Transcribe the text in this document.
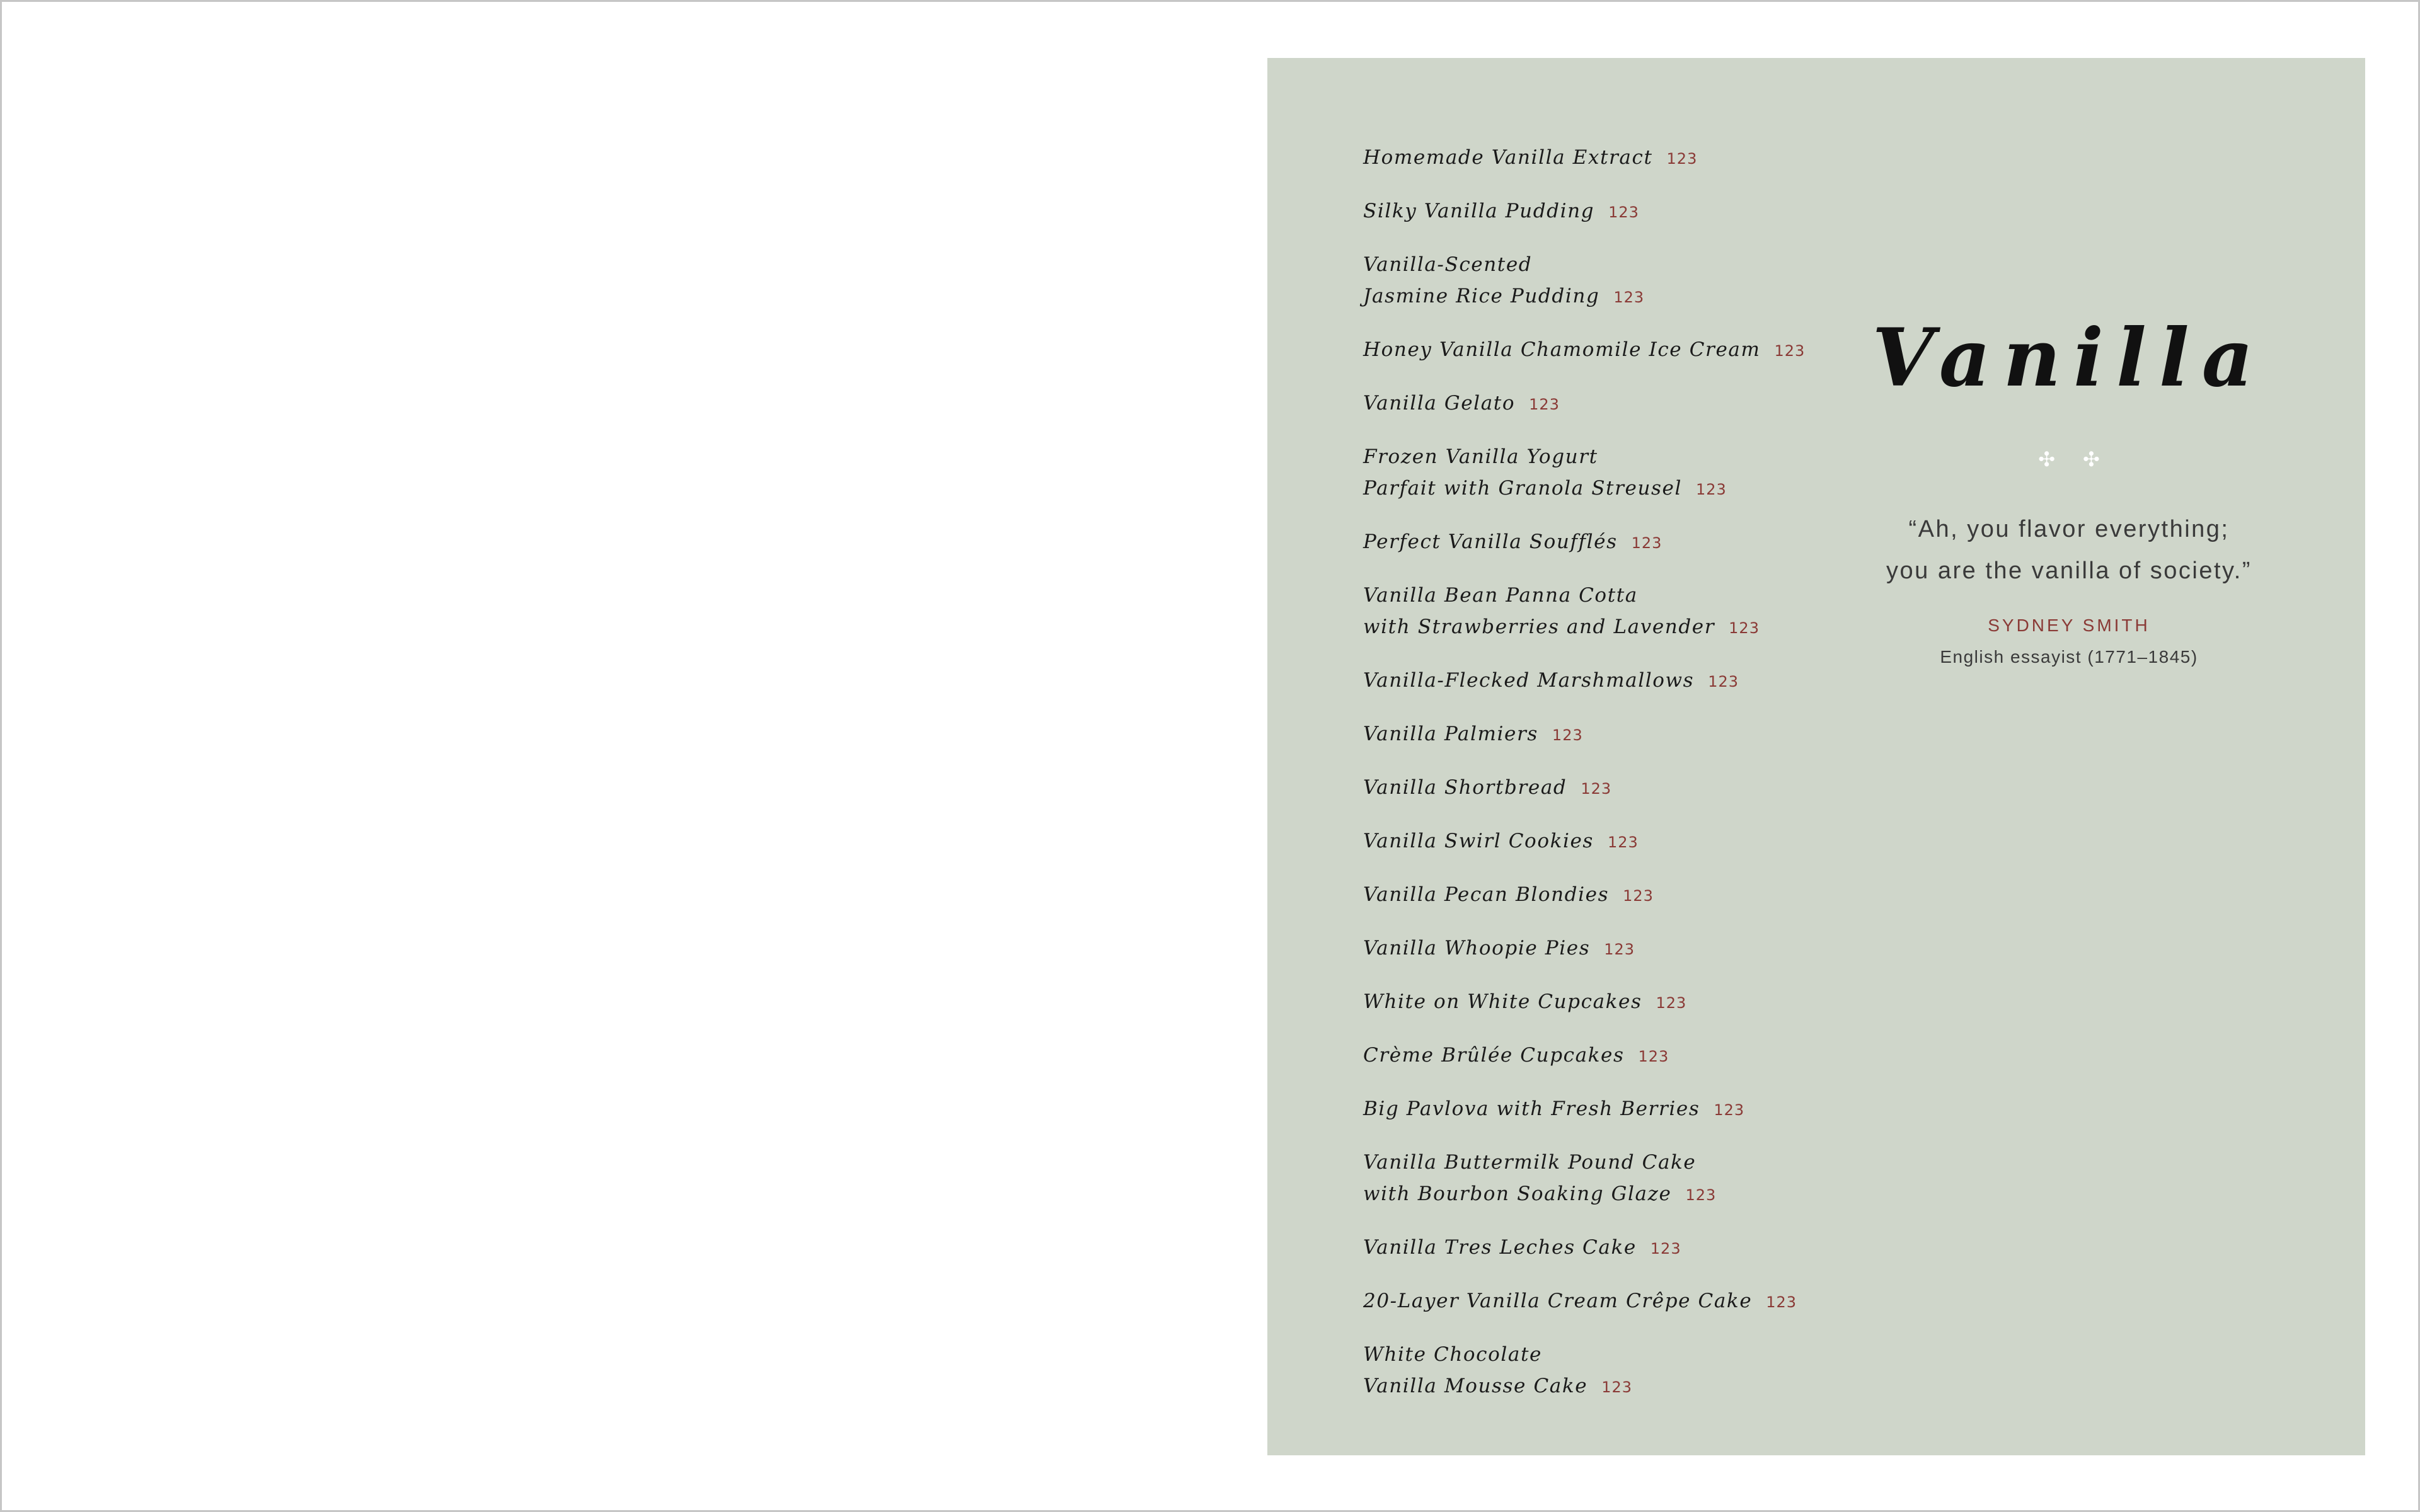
Homemade Vanilla Extract 123
Silky Vanilla Pudding 123
Vanilla-Scented
Jasmine Rice Pudding 123
Honey Vanilla Chamomile Ice Cream 123
Vanilla Gelato 123
Frozen Vanilla Yogurt
Parfait with Granola Streusel 123
Perfect Vanilla Soufflés 123
Vanilla Bean Panna Cotta
with Strawberries and Lavender 123
Vanilla-Flecked Marshmallows 123
Vanilla Palmiers 123
Vanilla Shortbread 123
Vanilla Swirl Cookies 123
Vanilla Pecan Blondies 123
Vanilla Whoopie Pies 123
White on White Cupcakes 123
Crème Brûlée Cupcakes 123
Big Pavlova with Fresh Berries 123
Vanilla Buttermilk Pound Cake
with Bourbon Soaking Glaze 123
Vanilla Tres Leches Cake 123
20-Layer Vanilla Cream Crêpe Cake 123
White Chocolate
Vanilla Mousse Cake 123
Vanilla
✣ ✣
“Ah, you flavor everything;
you are the vanilla of society.”
SYDNEY SMITH
English essayist (1771–1845)
